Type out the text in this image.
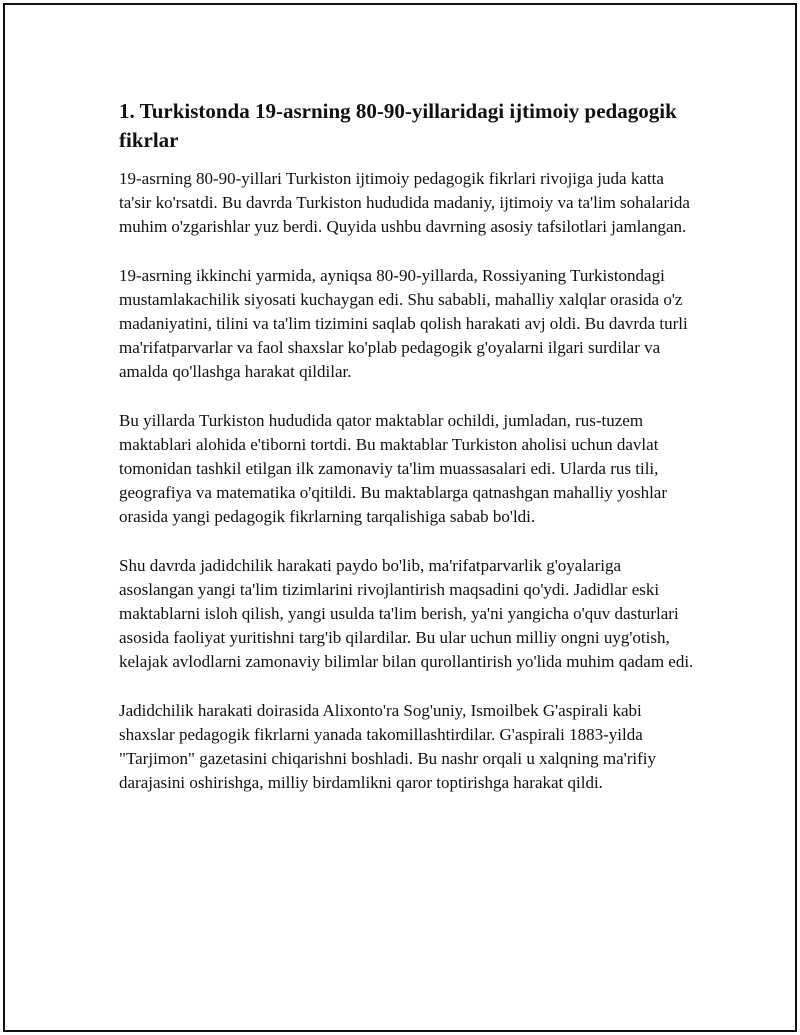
1. Turkistonda 19-asrning 80-90-yillaridagi ijtimoiy pedagogik fikrlar

19-asrning 80-90-yillari Turkiston ijtimoiy pedagogik fikrlari rivojiga juda katta ta'sir ko'rsatdi. Bu davrda Turkiston hududida madaniy, ijtimoiy va ta'lim sohalarida muhim o'zgarishlar yuz berdi. Quyida ushbu davrning asosiy tafsilotlari jamlangan.

19-asrning ikkinchi yarmida, ayniqsa 80-90-yillarda, Rossiyaning Turkistondagi mustamlakachilik siyosati kuchaygan edi. Shu sababli, mahalliy xalqlar orasida o'z madaniyatini, tilini va ta'lim tizimini saqlab qolish harakati avj oldi. Bu davrda turli ma'rifatparvarlar va faol shaxslar ko'plab pedagogik g'oyalarni ilgari surdilar va amalda qo'llashga harakat qildilar.

Bu yillarda Turkiston hududida qator maktablar ochildi, jumladan, rus-tuzem maktablari alohida e'tiborni tortdi. Bu maktablar Turkiston aholisi uchun davlat tomonidan tashkil etilgan ilk zamonaviy ta'lim muassasalari edi. Ularda rus tili, geografiya va matematika o'qitildi. Bu maktablarga qatnashgan mahalliy yoshlar orasida yangi pedagogik fikrlarning tarqalishiga sabab bo'ldi.

Shu davrda jadidchilik harakati paydo bo'lib, ma'rifatparvarlik g'oyalariga asoslangan yangi ta'lim tizimlarini rivojlantirish maqsadini qo'ydi. Jadidlar eski maktablarni isloh qilish, yangi usulda ta'lim berish, ya'ni yangicha o'quv dasturlari asosida faoliyat yuritishni targ'ib qilardilar. Bu ular uchun milliy ongni uyg'otish, kelajak avlodlarni zamonaviy bilimlar bilan qurollantirish yo'lida muhim qadam edi.

Jadidchilik harakati doirasida Alixonto'ra Sog'uniy, Ismoilbek G'aspirali kabi shaxslar pedagogik fikrlarni yanada takomillashtirdilar. G'aspirali 1883-yilda "Tarjimon" gazetasini chiqarishni boshladi. Bu nashr orqali u xalqning ma'rifiy darajasini oshirishga, milliy birdamlikni qaror toptirishga harakat qildi.
